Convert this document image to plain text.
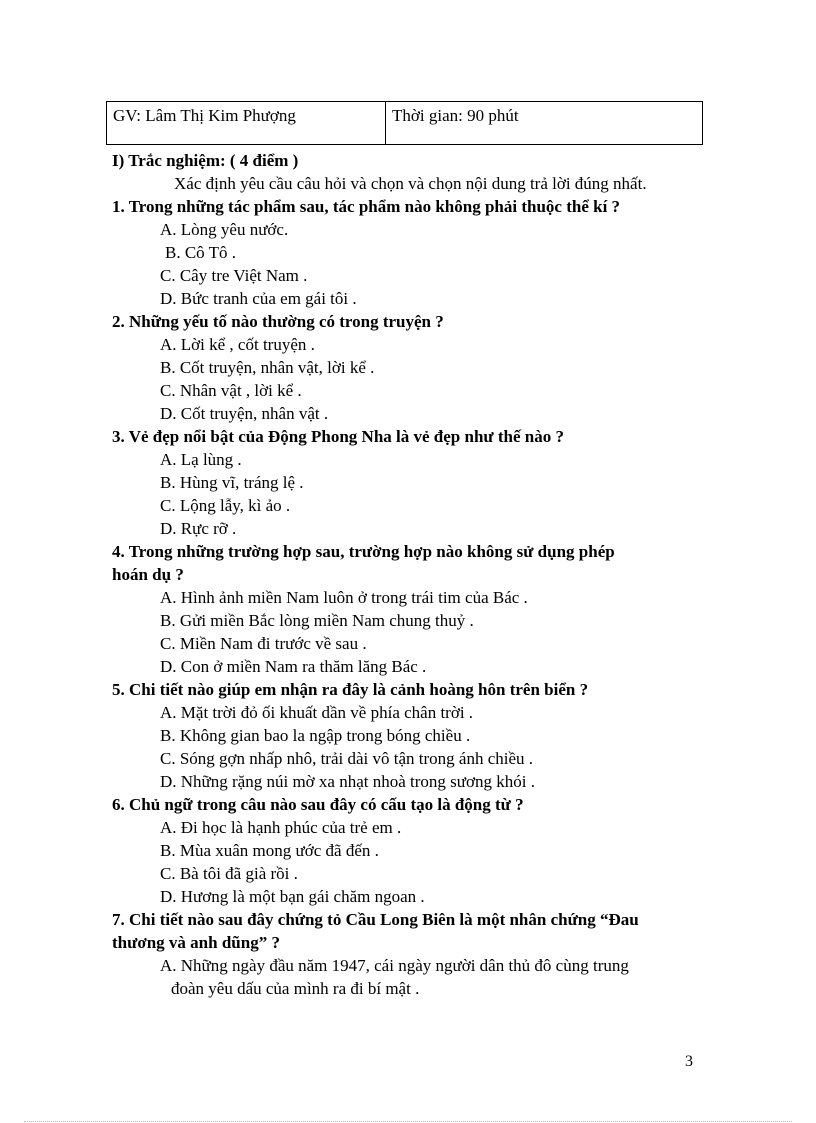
GV: Lâm Thị Kim Phượng	Thời gian: 90 phút
I) Trắc nghiệm: ( 4 điểm )
Xác định yêu cầu câu hỏi và chọn và chọn nội dung trả lời đúng nhất.
1. Trong những tác phẩm sau, tác phẩm nào không phải thuộc thể kí ?
A. Lòng yêu nước.
B. Cô Tô .
C. Cây tre Việt Nam .
D. Bức tranh của em gái tôi .
2. Những yếu tố nào thường có trong truyện ?
A. Lời kể , cốt truyện .
B. Cốt truyện, nhân vật, lời kể .
C. Nhân vật , lời kể .
D. Cốt truyện, nhân vật .
3. Vẻ đẹp nổi bật của Động Phong Nha là vẻ đẹp như thế nào ?
A. Lạ lùng .
B. Hùng vĩ, tráng lệ .
C. Lộng lẫy, kì ảo .
D. Rực rỡ .
4. Trong những trường hợp sau, trường hợp nào không sử dụng phép
hoán dụ ?
A. Hình ảnh miền Nam luôn ở trong trái tim của Bác .
B. Gửi miền Bắc lòng miền Nam chung thuỷ .
C. Miền Nam đi trước về sau .
D. Con ở miền Nam ra thăm lăng Bác .
5. Chi tiết nào giúp em nhận ra đây là cảnh hoàng hôn trên biển ?
A. Mặt trời đỏ ối khuất dần về phía chân trời .
B. Không gian bao la ngập trong bóng chiều .
C. Sóng gợn nhấp nhô, trải dài vô tận trong ánh chiều .
D. Những rặng núi mờ xa nhạt nhoà trong sương khói .
6. Chủ ngữ trong câu nào sau đây có cấu tạo là động từ ?
A. Đi học là hạnh phúc của trẻ em .
B. Mùa xuân mong ước đã đến .
C. Bà tôi đã già rồi .
D. Hương là một bạn gái chăm ngoan .
7. Chi tiết nào sau đây chứng tỏ Cầu Long Biên là một nhân chứng “Đau
thương và anh dũng” ?
A. Những ngày đầu năm 1947, cái ngày người dân thủ đô cùng trung
đoàn yêu dấu của mình ra đi bí mật .
3
